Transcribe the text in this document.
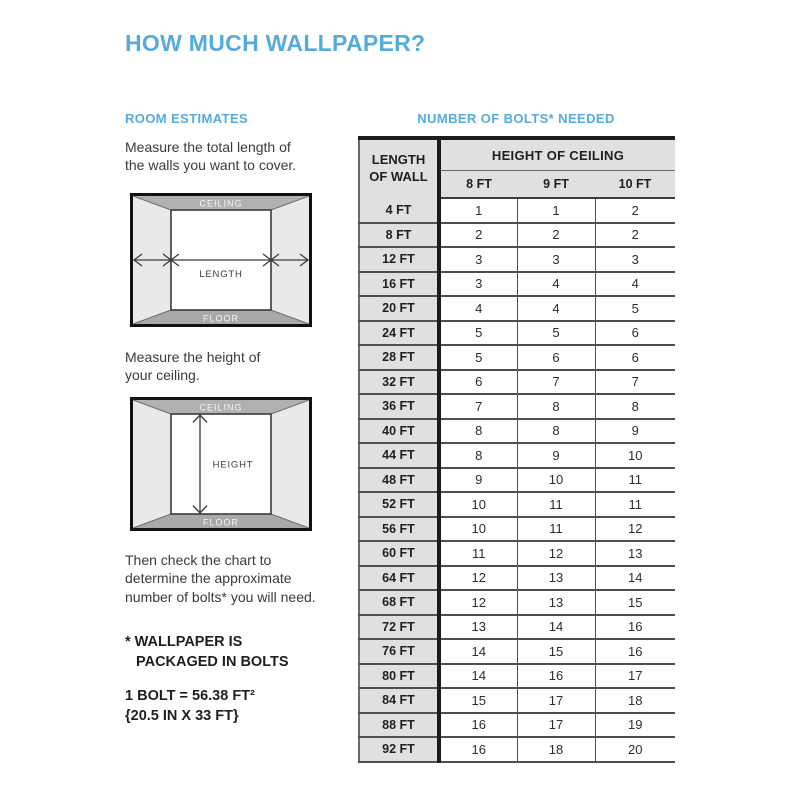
HOW MUCH WALLPAPER?
ROOM ESTIMATES

Measure the total length of
the walls you want to cover.

CEILING
FLOOR
LENGTH

Measure the height of
your ceiling.

CEILING
FLOOR
HEIGHT

Then check the chart to
determine the approximate
number of bolts* you will need.

* WALLPAPER IS
PACKAGED IN BOLTS

1 BOLT = 56.38 FT²
{20.5 IN X 33 FT}

NUMBER OF BOLTS* NEEDED
LENGTH
OF WALL	HEIGHT OF CEILING		
	8 FT	9 FT	10 FT
4 FT	1	1	2
8 FT	2	2	2
12 FT	3	3	3
16 FT	3	4	4
20 FT	4	4	5
24 FT	5	5	6
28 FT	5	6	6
32 FT	6	7	7
36 FT	7	8	8
40 FT	8	8	9
44 FT	8	9	10
48 FT	9	10	11
52 FT	10	11	11
56 FT	10	11	12
60 FT	11	12	13
64 FT	12	13	14
68 FT	12	13	15
72 FT	13	14	16
76 FT	14	15	16
80 FT	14	16	17
84 FT	15	17	18
88 FT	16	17	19
92 FT	16	18	20
